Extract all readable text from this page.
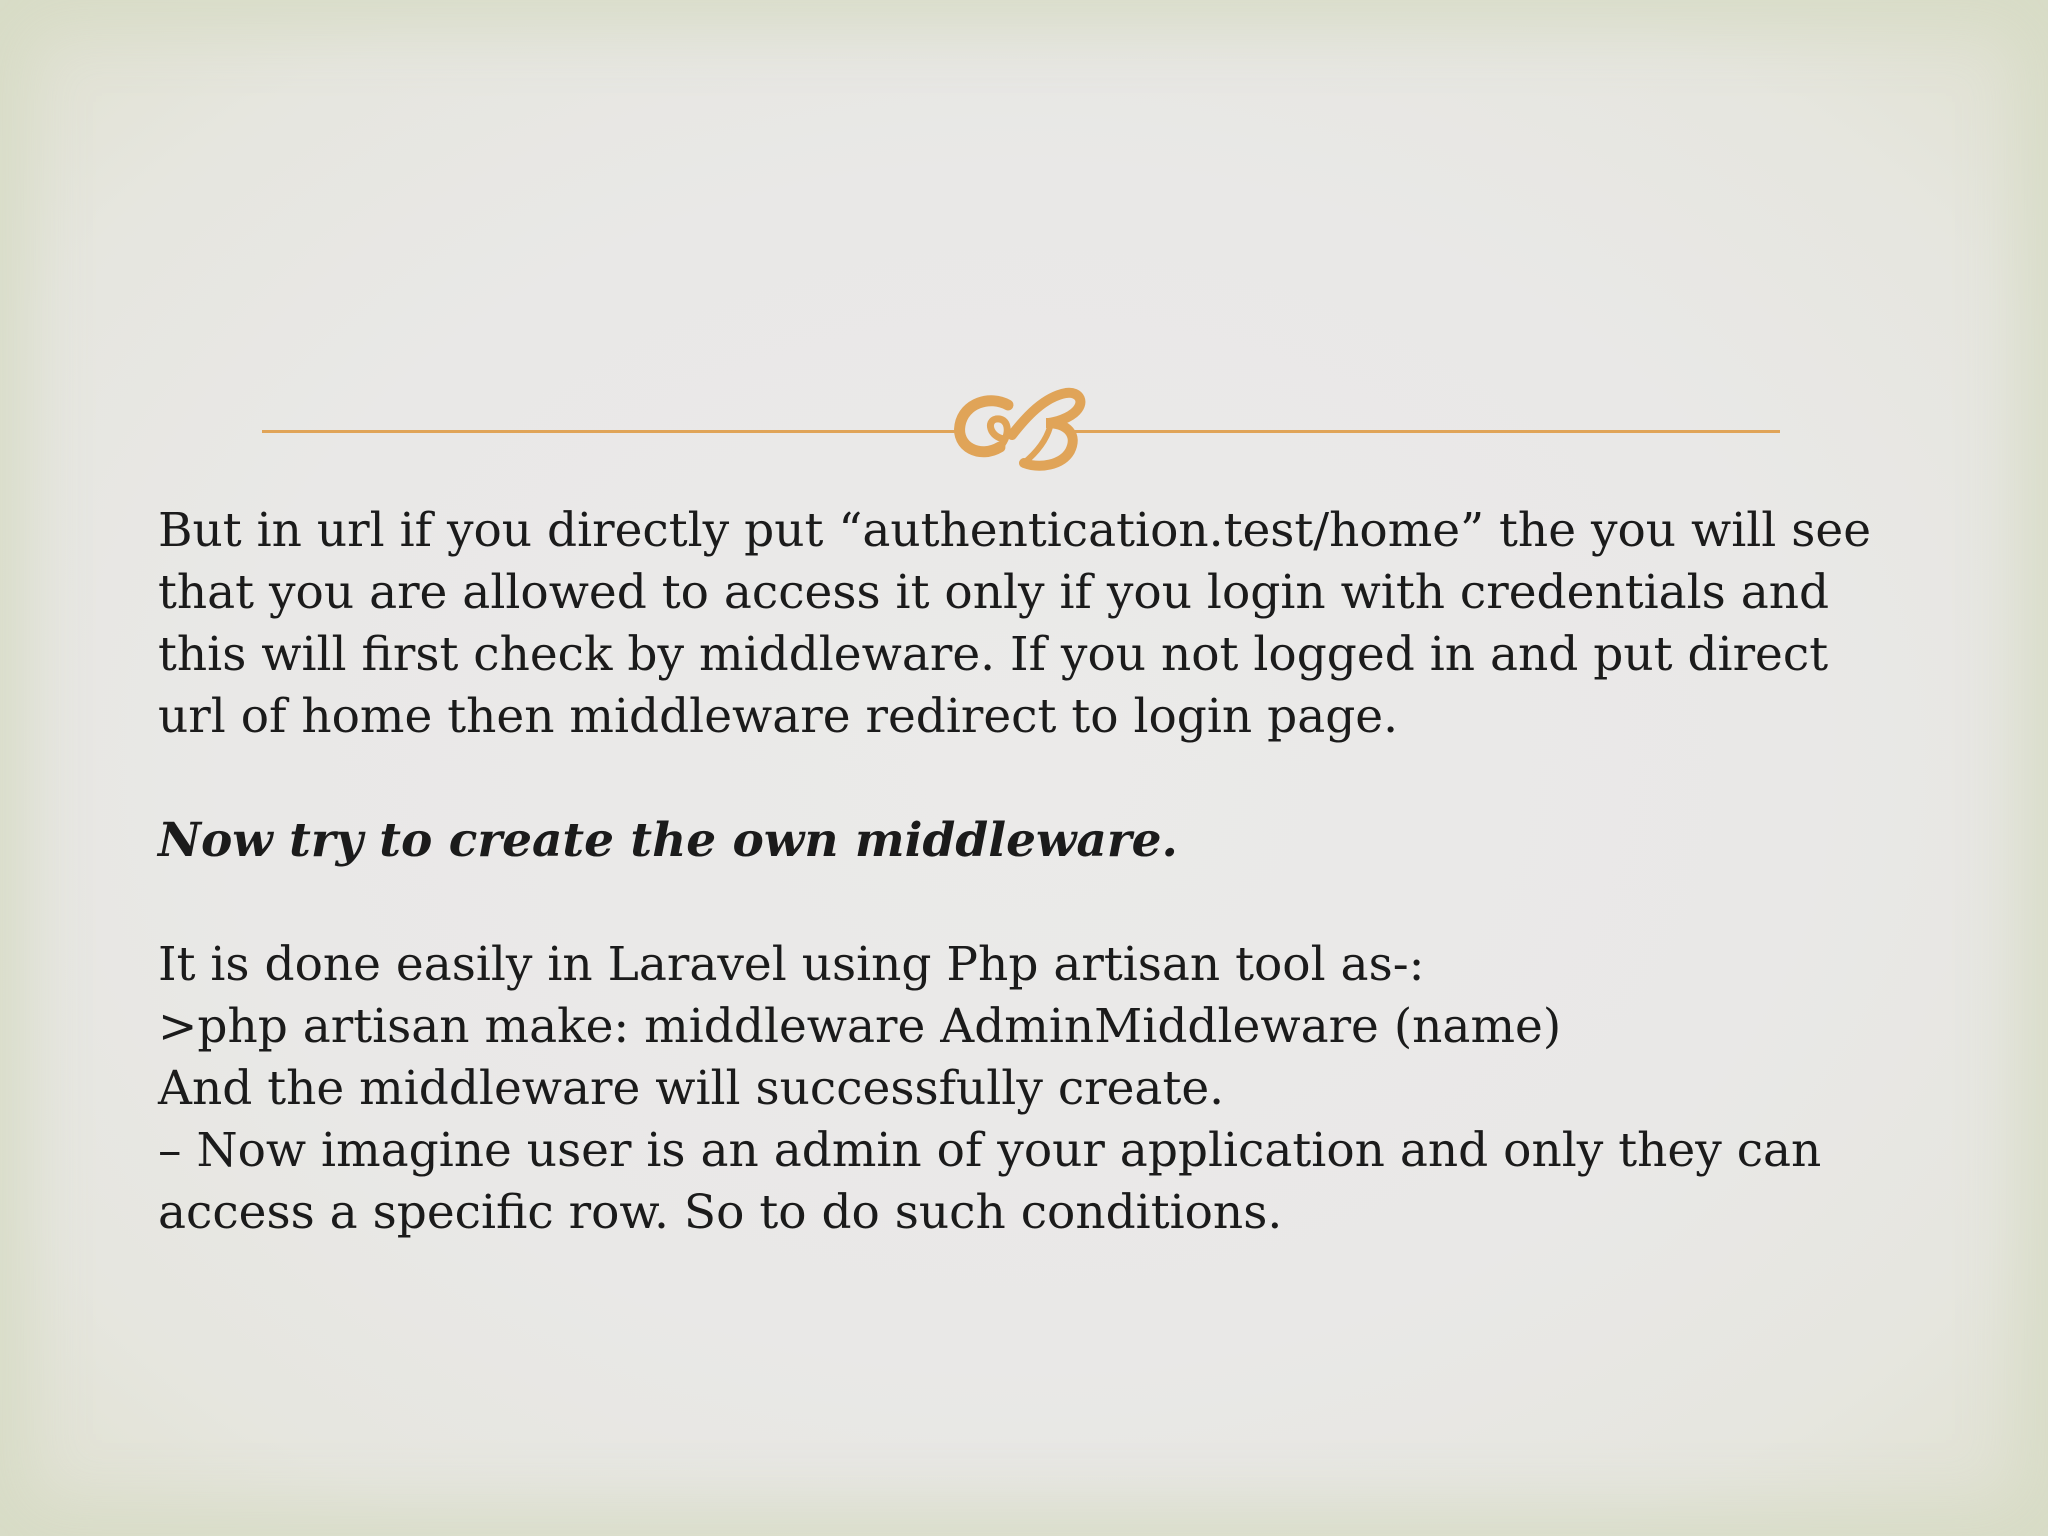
But in url if you directly put “authentication.test/home” the you will see that you are allowed to access it only if you login with credentials and this will first check by middleware. If you not logged in and put direct url of home then middleware redirect to login page.

Now try to create the own middleware.

It is done easily in Laravel using Php artisan tool as-:

>php artisan make: middleware AdminMiddleware (name)

And the middleware will successfully create.

– Now imagine user is an admin of your application and only they can access a specific row. So to do such conditions.
